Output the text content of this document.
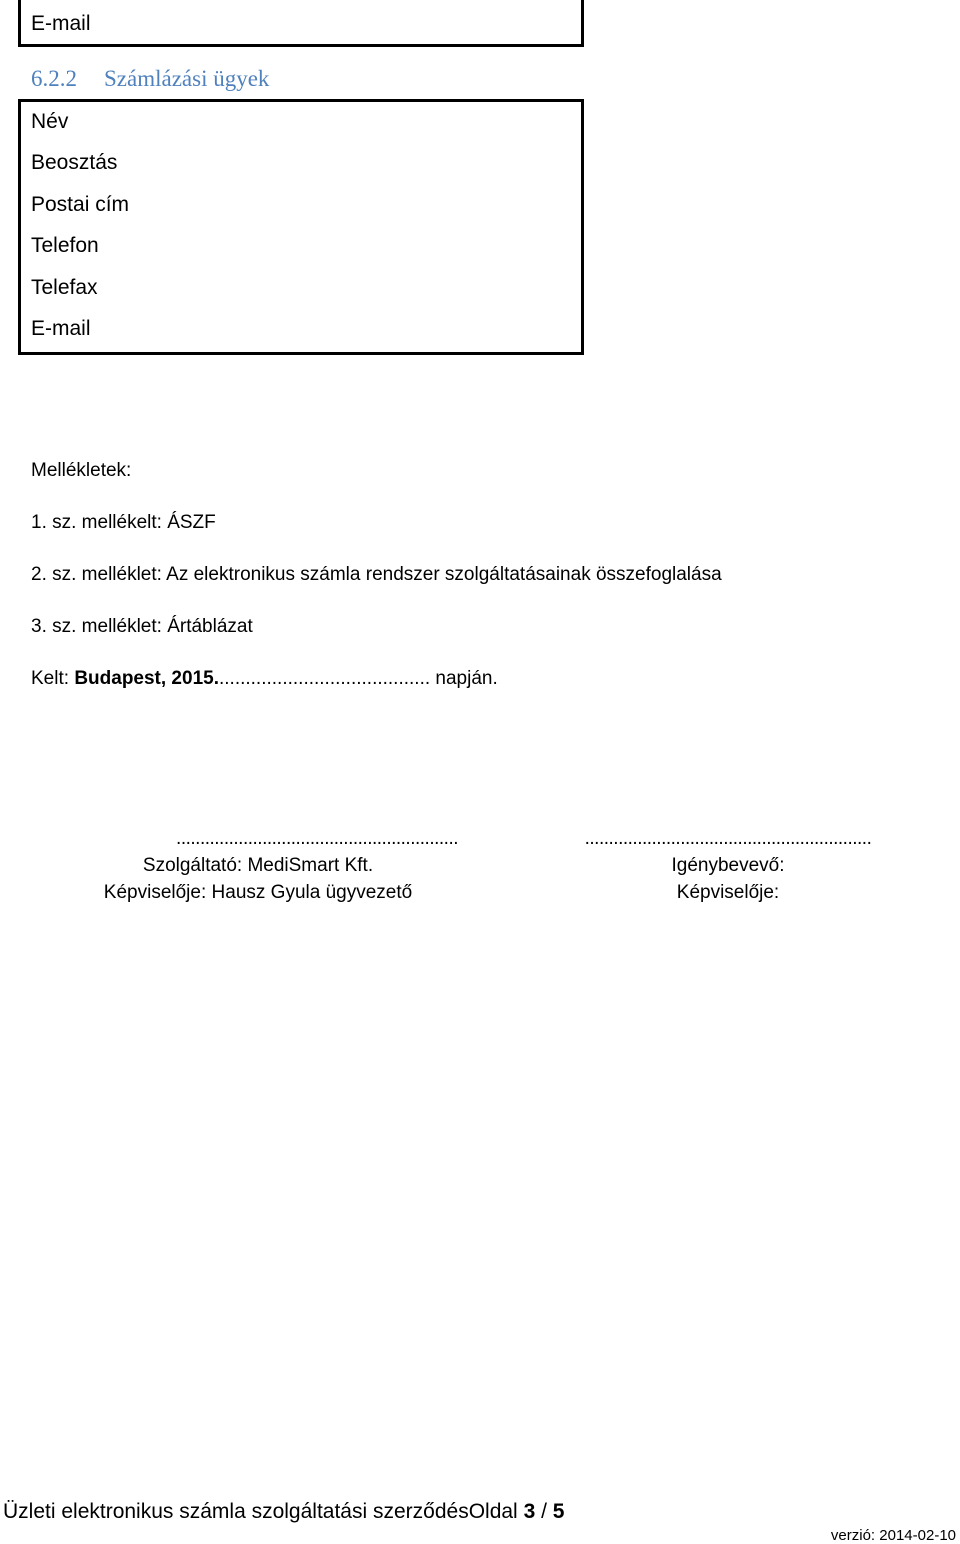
E-mail
6.2.2 Számlázási ügyek
Név
Beosztás
Postai cím
Telefon
Telefax
E-mail
Mellékletek:
1. sz. mellékelt: ÁSZF
2. sz. melléklet: Az elektronikus számla rendszer szolgáltatásainak összefoglalása
3. sz. melléklet: Ártáblázat
Kelt: Budapest, 2015......................................... napján.
...........................................................
Szolgáltató: MediSmart Kft.
Képviselője: Hausz Gyula ügyvezető
............................................................
Igénybevevő:
Képviselője:
Üzleti elektronikus számla szolgáltatási szerződésOldal 3 / 5
verzió: 2014-02-10
